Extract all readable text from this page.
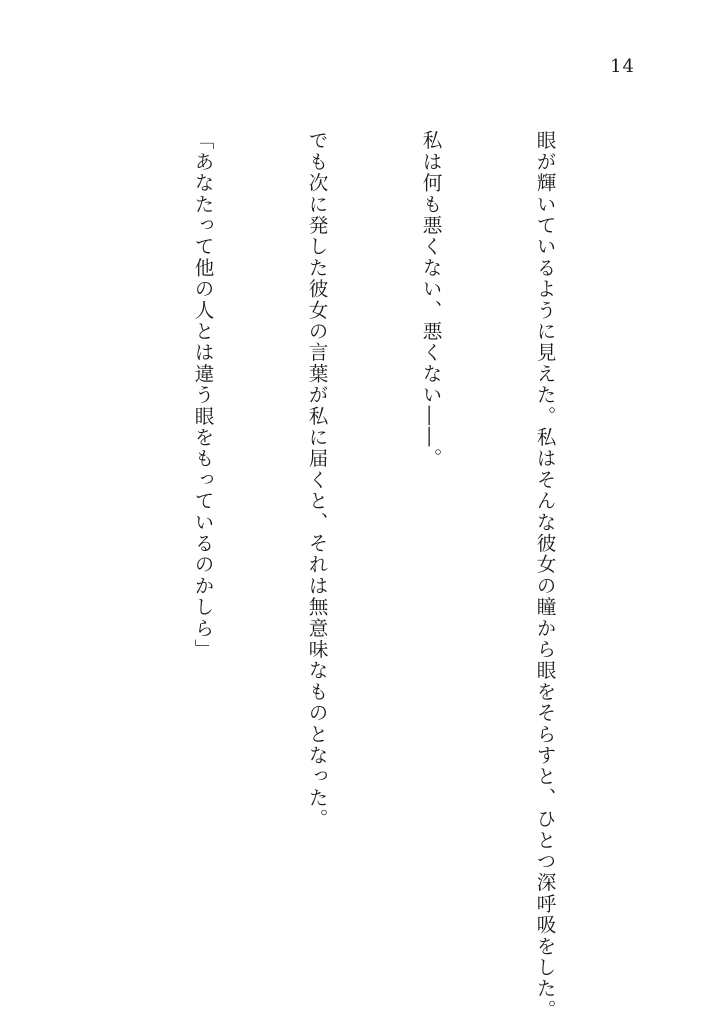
14

眼が輝いているように見えた。私はそんな彼女の瞳から眼をそらすと、ひとつ深呼吸をした。

私は何も悪くない、悪くない――。

でも次に発した彼女の言葉が私に届くと、それは無意味なものとなった。

「あなたって他の人とは違う眼をもっているのかしら」
